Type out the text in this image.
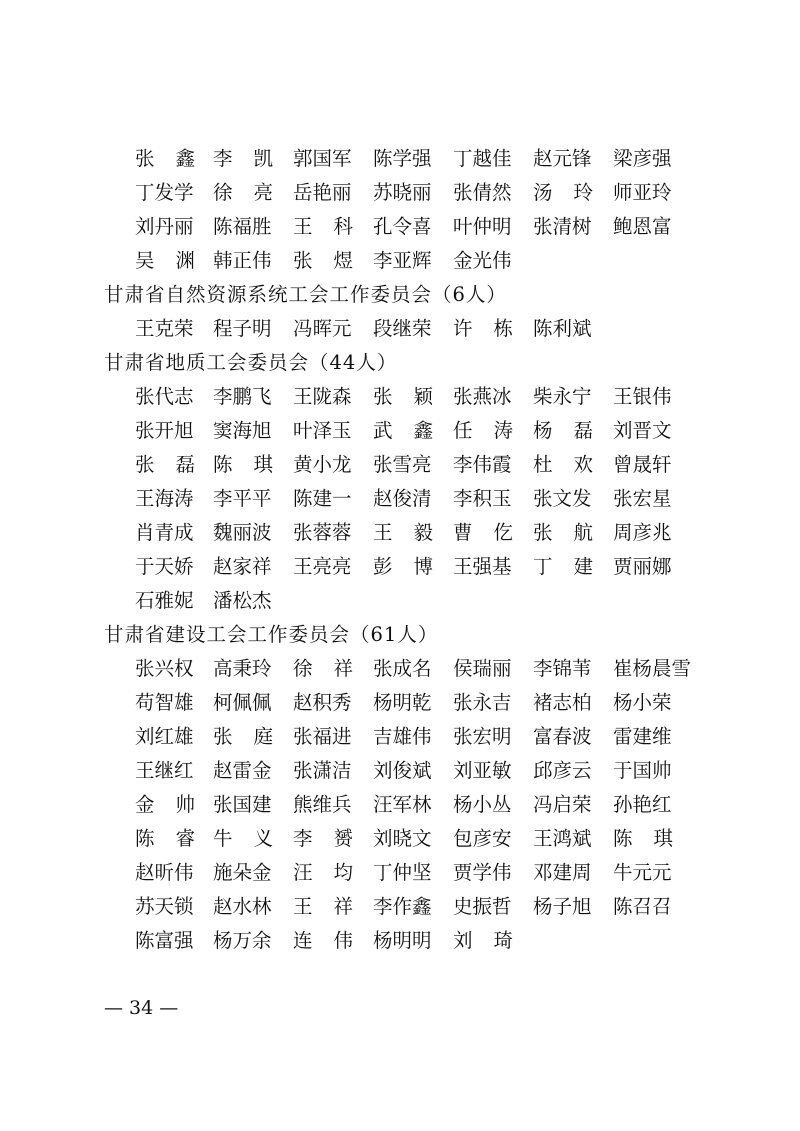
张 鑫 李 凯 郭国军 陈学强 丁越佳 赵元锋 梁彦强
丁发学 徐 亮 岳艳丽 苏晓丽 张倩然 汤 玲 师亚玲
刘丹丽 陈福胜 王 科 孔令喜 叶仲明 张清树 鲍恩富
吴 渊 韩正伟 张 煜 李亚辉 金光伟
甘肃省自然资源系统工会工作委员会（6人）
王克荣 程子明 冯晖元 段继荣 许 栋 陈利斌
甘肃省地质工会委员会（44人）
张代志 李鹏飞 王陇森 张 颖 张燕冰 柴永宁 王银伟
张开旭 窦海旭 叶泽玉 武 鑫 任 涛 杨 磊 刘晋文
张 磊 陈 琪 黄小龙 张雪亮 李伟霞 杜 欢 曾晟轩
王海涛 李平平 陈建一 赵俊清 李积玉 张文发 张宏星
肖青成 魏丽波 张蓉蓉 王 毅 曹 仡 张 航 周彦兆
于天娇 赵家祥 王亮亮 彭 博 王强基 丁 建 贾丽娜
石雅妮 潘松杰
甘肃省建设工会工作委员会（61人）
张兴权 高秉玲 徐 祥 张成名 侯瑞丽 李锦苇 崔杨晨雪
苟智雄 柯佩佩 赵积秀 杨明乾 张永吉 褚志柏 杨小荣
刘红雄 张 庭 张福进 吉雄伟 张宏明 富春波 雷建维
王继红 赵雷金 张潇洁 刘俊斌 刘亚敏 邱彦云 于国帅
金 帅 张国建 熊维兵 汪军林 杨小丛 冯启荣 孙艳红
陈 睿 牛 义 李 赟 刘晓文 包彦安 王鸿斌 陈 琪
赵昕伟 施朵金 汪 均 丁仲坚 贾学伟 邓建周 牛元元
苏天锁 赵水林 王 祥 李作鑫 史振哲 杨子旭 陈召召
陈富强 杨万余 连 伟 杨明明 刘 琦
— 34 —
